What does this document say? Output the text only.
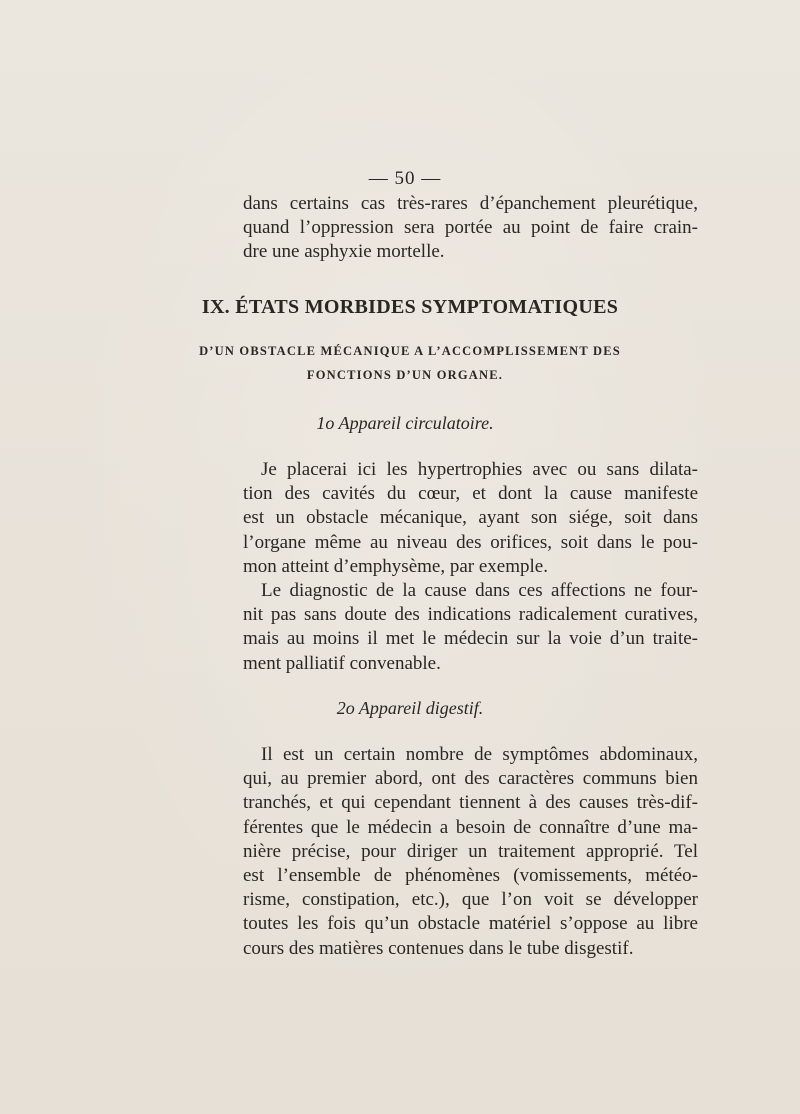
— 50 —
dans certains cas très-rares d’épanchement pleurétique,
quand l’oppression sera portée au point de faire crain-
dre une asphyxie mortelle.
IX. ÉTATS MORBIDES SYMPTOMATIQUES
D’UN OBSTACLE MÉCANIQUE A L’ACCOMPLISSEMENT DES
FONCTIONS D’UN ORGANE.
1o Appareil circulatoire.
Je placerai ici les hypertrophies avec ou sans dilata-
tion des cavités du cœur, et dont la cause manifeste
est un obstacle mécanique, ayant son siége, soit dans
l’organe même au niveau des orifices, soit dans le pou-
mon atteint d’emphysème, par exemple.
Le diagnostic de la cause dans ces affections ne four-
nit pas sans doute des indications radicalement curatives,
mais au moins il met le médecin sur la voie d’un traite-
ment palliatif convenable.
2o Appareil digestif.
Il est un certain nombre de symptômes abdominaux,
qui, au premier abord, ont des caractères communs bien
tranchés, et qui cependant tiennent à des causes très-dif-
férentes que le médecin a besoin de connaître d’une ma-
nière précise, pour diriger un traitement approprié. Tel
est l’ensemble de phénomènes (vomissements, météo-
risme, constipation, etc.), que l’on voit se développer
toutes les fois qu’un obstacle matériel s’oppose au libre
cours des matières contenues dans le tube disgestif.
